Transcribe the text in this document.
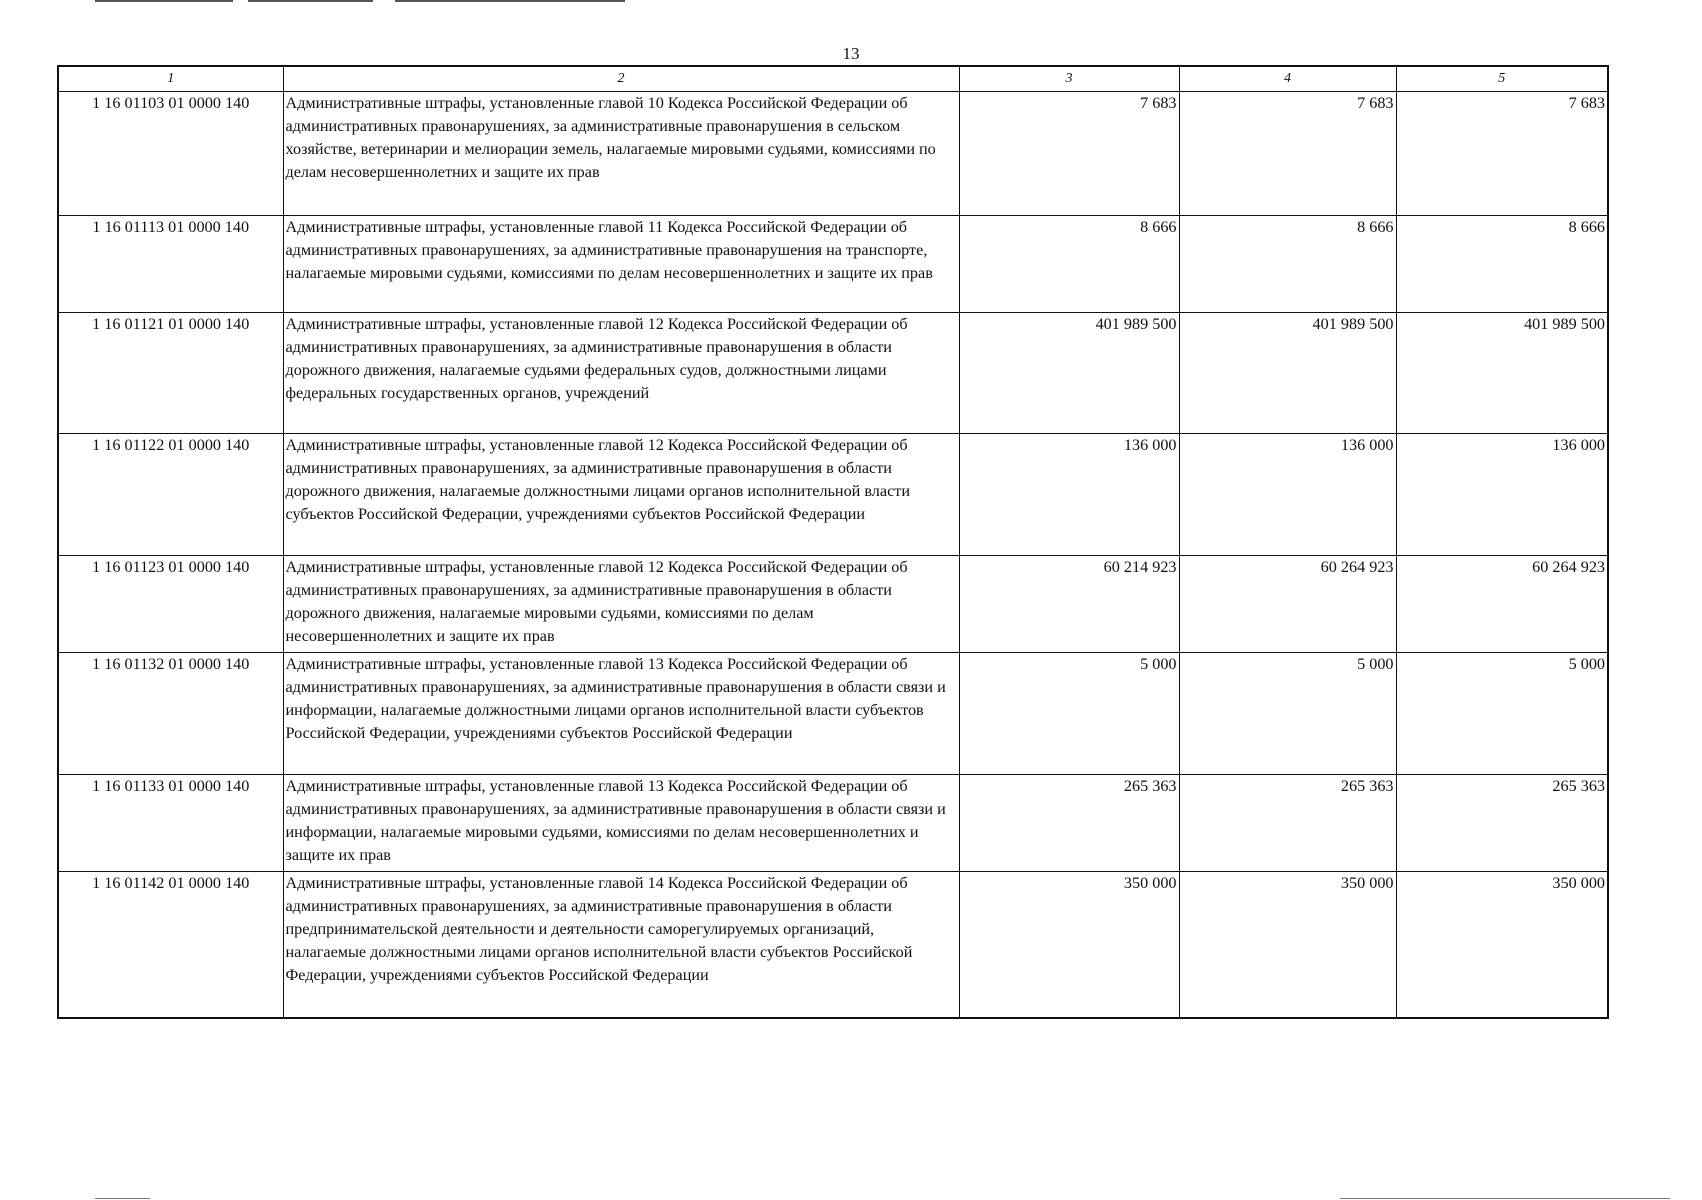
13
1	2	3	4	5
1 16 01103 01 0000 140	Административные штрафы, установленные главой 10 Кодекса Российской Федерации об административных правонарушениях, за административные правонарушения в сельском хозяйстве, ветеринарии и мелиорации земель, налагаемые мировыми судьями, комиссиями по делам несовершеннолетних и защите их прав	7 683	7 683	7 683
1 16 01113 01 0000 140	Административные штрафы, установленные главой 11 Кодекса Российской Федерации об административных правонарушениях, за административные правонарушения на транспорте, налагаемые мировыми судьями, комиссиями по делам несовершеннолетних и защите их прав	8 666	8 666	8 666
1 16 01121 01 0000 140	Административные штрафы, установленные главой 12 Кодекса Российской Федерации об административных правонарушениях, за административные правонарушения в области дорожного движения, налагаемые судьями федеральных судов, должностными лицами федеральных государственных органов, учреждений	401 989 500	401 989 500	401 989 500
1 16 01122 01 0000 140	Административные штрафы, установленные главой 12 Кодекса Российской Федерации об административных правонарушениях, за административные правонарушения в области дорожного движения, налагаемые должностными лицами органов исполнительной власти субъектов Российской Федерации, учреждениями субъектов Российской Федерации	136 000	136 000	136 000
1 16 01123 01 0000 140	Административные штрафы, установленные главой 12 Кодекса Российской Федерации об административных правонарушениях, за административные правонарушения в области дорожного движения, налагаемые мировыми судьями, комиссиями по делам несовершеннолетних и защите их прав	60 214 923	60 264 923	60 264 923
1 16 01132 01 0000 140	Административные штрафы, установленные главой 13 Кодекса Российской Федерации об административных правонарушениях, за административные правонарушения в области связи и информации, налагаемые должностными лицами органов исполнительной власти субъектов Российской Федерации, учреждениями субъектов Российской Федерации	5 000	5 000	5 000
1 16 01133 01 0000 140	Административные штрафы, установленные главой 13 Кодекса Российской Федерации об административных правонарушениях, за административные правонарушения в области связи и информации, налагаемые мировыми судьями, комиссиями по делам несовершеннолетних и защите их прав	265 363	265 363	265 363
1 16 01142 01 0000 140	Административные штрафы, установленные главой 14 Кодекса Российской Федерации об административных правонарушениях, за административные правонарушения в области предпринимательской деятельности и деятельности саморегулируемых организаций, налагаемые должностными лицами органов исполнительной власти субъектов Российской Федерации, учреждениями субъектов Российской Федерации	350 000	350 000	350 000
